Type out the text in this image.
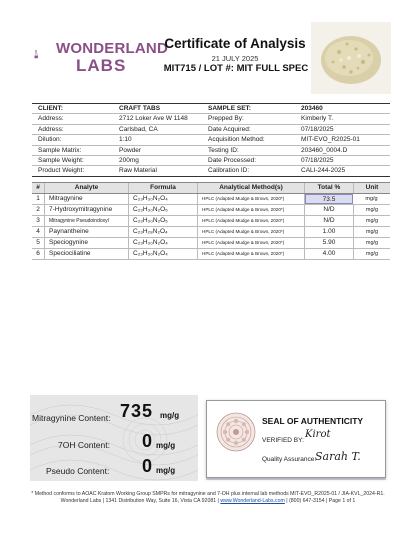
WONDERLAND
LABS
Certificate of Analysis
21 JULY 2025
MIT715 / LOT #: MIT FULL SPEC
CLIENT:	CRAFT TABS	SAMPLE SET:	203460
Address:	2712 Loker Ave W 1148	Prepped By:	Kimberly T.
Address:	Carlsbad, CA	Date Acquired:	07/18/2025
Dilution:	1:10	Acquisition Method:	MIT-EVO_R2025-01
Sample Matrix:	Powder	Testing ID:	203460_0004.D
Sample Weight:	200mg	Date Processed:	07/18/2025
Product Weight:	Raw Material	Calibration ID:	CALI-244-2025
#	Analyte	Formula	Analytical Method(s)	Total %	Unit
1	Mitragynine	C₂₃H₃₀N₂O₄	HPLC (Adapted Mudge & Brown, 2020*)	73.5	mg/g
2	7-Hydroxymitragynine	C₂₃H₃₀N₂O₅	HPLC (Adapted Mudge & Brown, 2020*)	N/D	mg/g
3	Mitragynine Pseudoindoxyl	C₂₃H₃₀N₂O₅	HPLC (Adapted Mudge & Brown, 2020*)	N/D	mg/g
4	Paynantheine	C₂₃H₂₈N₂O₄	HPLC (Adapted Mudge & Brown, 2020*)	1.00	mg/g
5	Speciogynine	C₂₃H₃₀N₂O₄	HPLC (Adapted Mudge & Brown, 2020*)	5.90	mg/g
6	Speciociliatine	C₂₃H₃₀N₂O₄	HPLC (Adapted Mudge & Brown, 2020*)	4.00	mg/g
Mitragynine Content: 735 mg/g
7OH Content: 0 mg/g
Pseudo Content: 0 mg/g
SEAL OF AUTHENTICITY
VERIFIED BY:
Kirot
Quality Assurance:
Sarah T.
* Method conforms to AOAC Kratom Working Group SMPRs for mitragynine and 7-OH plus internal lab methods MIT-EVO_R2025-01 / JIA-KVL_2024-R1.
Wonderland Labs | 1341 Distribution Way, Suite 16, Vista CA 92081 | www.Wonderland-Labs.com | (800) 647-3154 | Page 1 of 1
